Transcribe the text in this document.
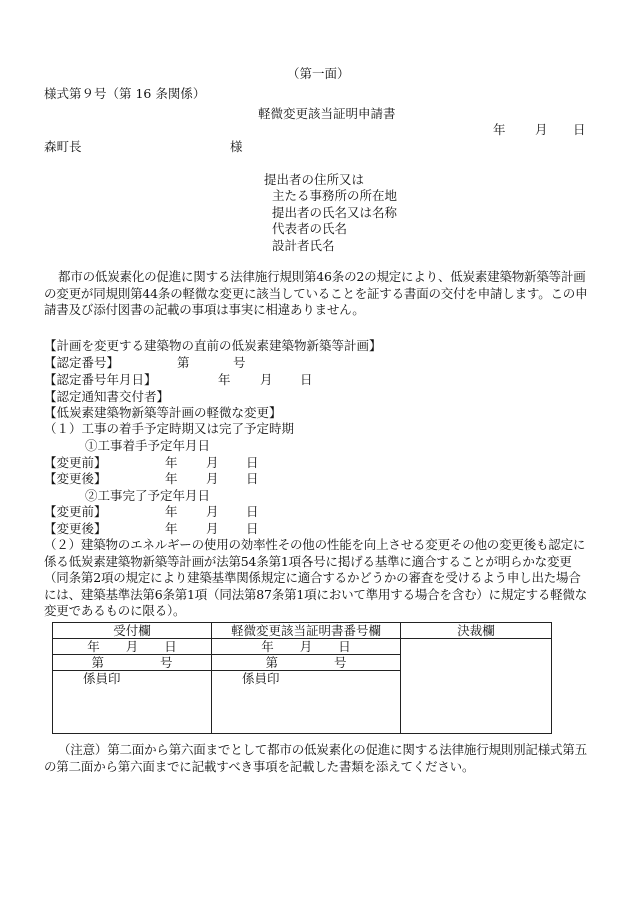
（第一面）
様式第９号（第 16 条関係）
軽微変更該当証明申請書
年 月 日
森町長	様
提出者の住所又は
主たる事務所の所在地
提出者の氏名又は名称
代表者の氏名
設計者氏名
都市の低炭素化の促進に関する法律施行規則第46条の2の規定により、低炭素建築物新築等計画の変更が同規則第44条の軽微な変更に該当していることを証する書面の交付を申請します。この申請書及び添付図書の記載の事項は事実に相違ありません。
【計画を変更する建築物の直前の低炭素建築物新築等計画】
【認定番号】	第	号
【認定番号年月日】	年 月 日
【認定通知書交付者】
【低炭素建築物新築等計画の軽微な変更】
（１）工事の着手予定時期又は完了予定時期
①工事着手予定年月日
【変更前】	年 月 日
【変更後】	年 月 日
②工事完了予定年月日
【変更前】	年 月 日
【変更後】	年 月 日
（２）建築物のエネルギーの使用の効率性その他の性能を向上させる変更その他の変更後も認定に係る低炭素建築物新築等計画が法第54条第1項各号に掲げる基準に適合することが明らかな変更（同条第2項の規定により建築基準関係規定に適合するかどうかの審査を受けるよう申し出た場合には、建築基準法第6条第1項（同法第87条第1項において準用する場合を含む）に規定する軽微な変更であるものに限る）。
受付欄	軽微変更該当証明書番号欄	決裁欄
年 月 日	年 月 日	
第 号	第 号	
係員印	係員印	
（注意）第二面から第六面までとして都市の低炭素化の促進に関する法律施行規則別記様式第五の第二面から第六面までに記載すべき事項を記載した書類を添えてください。
